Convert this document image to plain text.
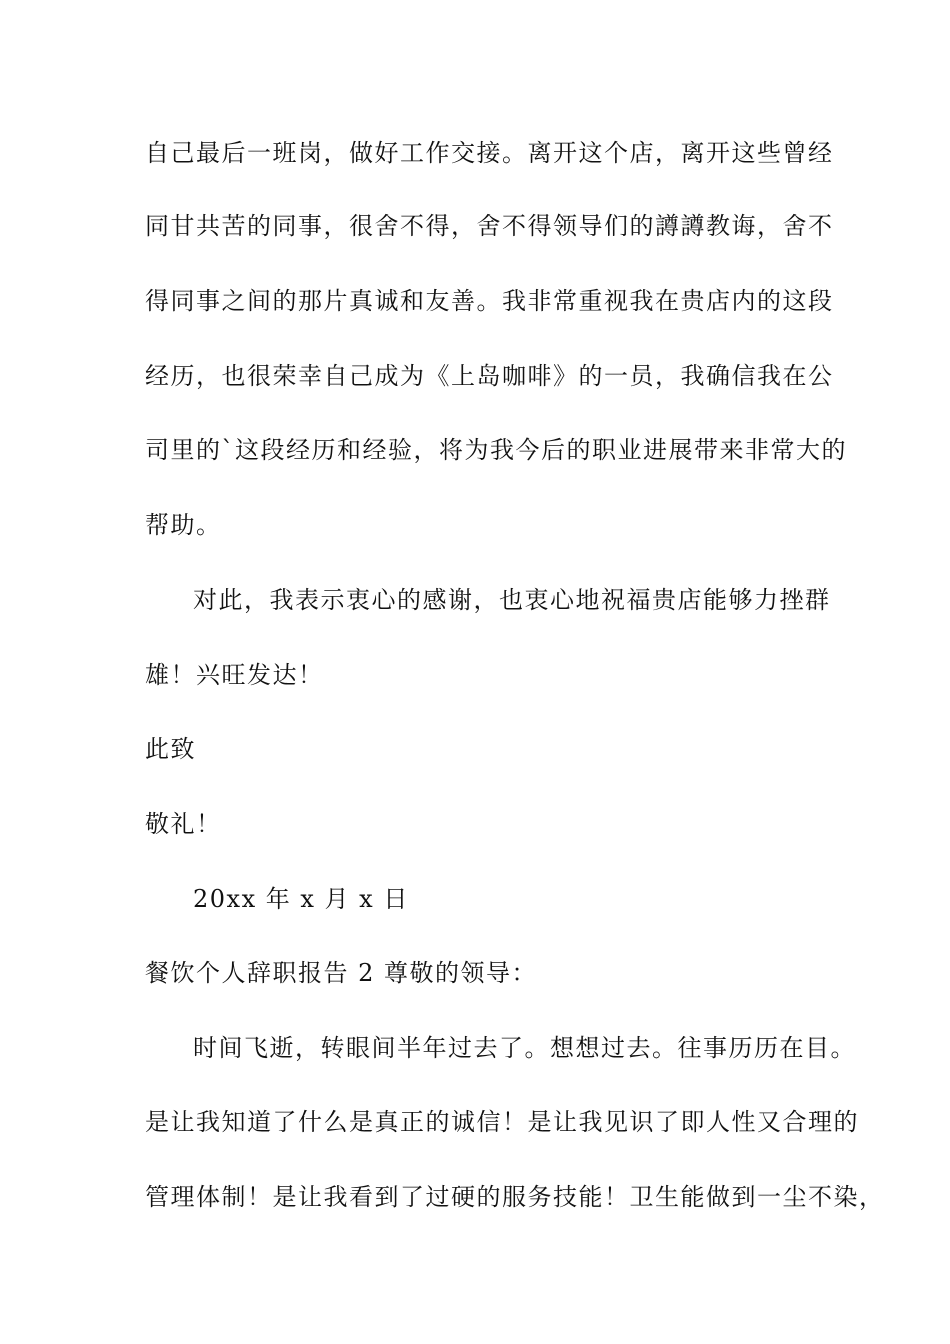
自己最后一班岗，做好工作交接。离开这个店，离开这些曾经
同甘共苦的同事，很舍不得，舍不得领导们的譐譐教诲，舍不
得同事之间的那片真诚和友善。我非常重视我在贵店内的这段
经历，也很荣幸自己成为《上岛咖啡》的一员，我确信我在公
司里的`这段经历和经验，将为我今后的职业进展带来非常大的
帮助。
对此，我表示衷心的感谢，也衷心地祝福贵店能够力挫群
雄！兴旺发达！
此致
敬礼！
20xx 年 x 月 x 日
餐饮个人辞职报告 2 尊敬的领导：
时间飞逝，转眼间半年过去了。想想过去。往事历历在目。
是让我知道了什么是真正的诚信！是让我见识了即人性又合理的
管理体制！是让我看到了过硬的服务技能！卫生能做到一尘不染，
